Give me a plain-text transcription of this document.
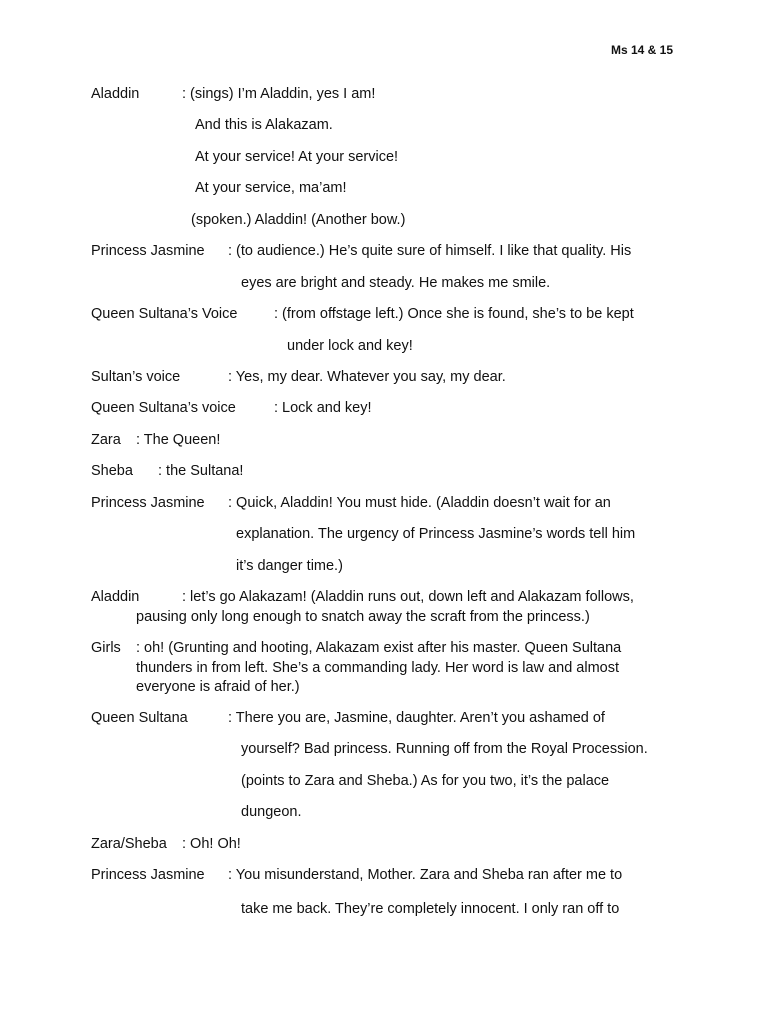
Ms 14 & 15
Aladdin	: (sings) I’m Aladdin, yes I am!
And this is Alakazam.
At your service! At your service!
At your service, ma’am!
(spoken.) Aladdin! (Another bow.)
Princess Jasmine : (to audience.) He’s quite sure of himself. I like that quality. His
eyes are bright and steady. He makes me smile.
Queen Sultana’s Voice	: (from offstage left.) Once she is found, she’s to be kept
under lock and key!
Sultan’s voice	: Yes, my dear. Whatever you say, my dear.
Queen Sultana’s voice	: Lock and key!
Zara : The Queen!
Sheba : the Sultana!
Princess Jasmine : Quick, Aladdin! You must hide. (Aladdin doesn’t wait for an
explanation. The urgency of Princess Jasmine’s words tell him
it’s danger time.)
Aladdin	: let’s go Alakazam! (Aladdin runs out, down left and Alakazam follows,
pausing only long enough to snatch away the scraft from the princess.)
Girls : oh! (Grunting and hooting, Alakazam exist after his master. Queen Sultana
thunders in from left. She’s a commanding lady. Her word is law and almost
everyone is afraid of her.)
Queen Sultana	: There you are, Jasmine, daughter. Aren’t you ashamed of
yourself? Bad princess. Running off from the Royal Procession.
(points to Zara and Sheba.) As for you two, it’s the palace
dungeon.
Zara/Sheba : Oh! Oh!
Princess Jasmine : You misunderstand, Mother. Zara and Sheba ran after me to
take me back. They’re completely innocent. I only ran off to
